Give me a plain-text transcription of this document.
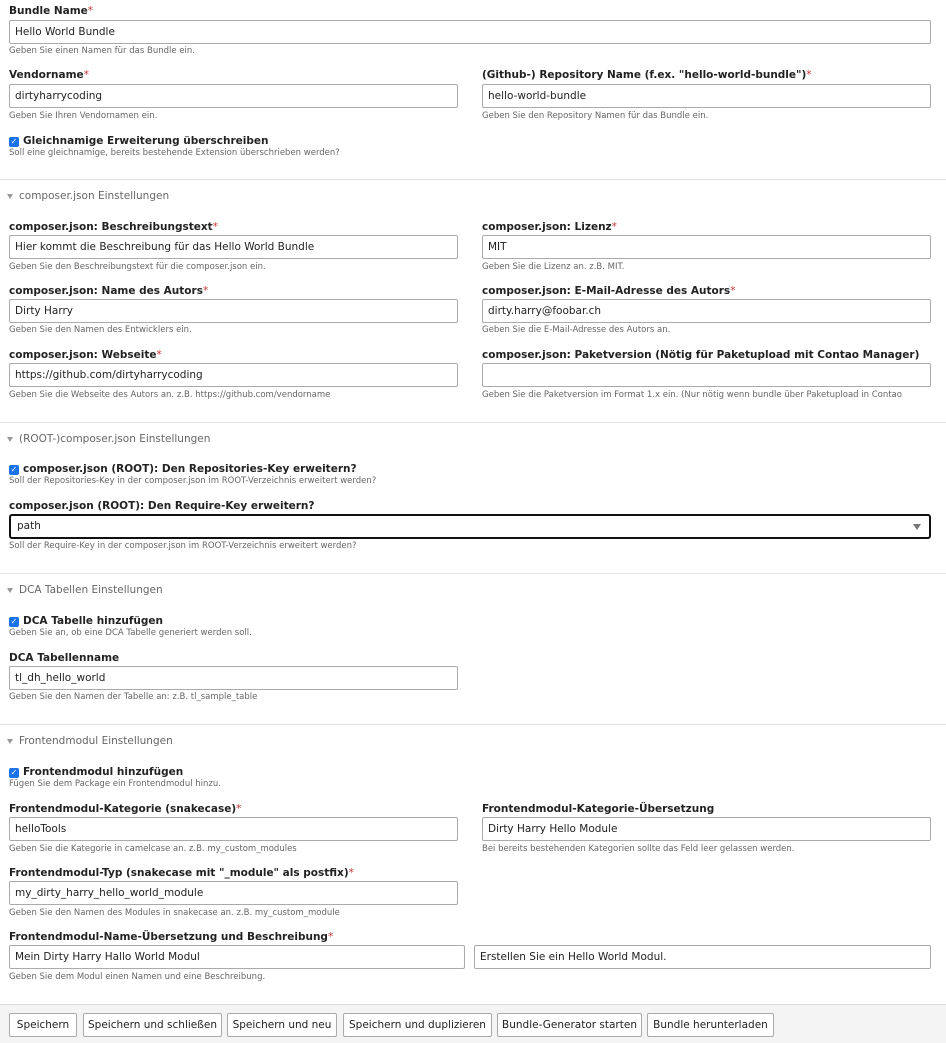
Bundle Name*
Hello World Bundle
Geben Sie einen Namen für das Bundle ein.
Vendorname*
dirtyharrycoding
Geben Sie Ihren Vendornamen ein.
(Github-) Repository Name (f.ex. "hello-world-bundle")*
hello-world-bundle
Geben Sie den Repository Namen für das Bundle ein.
✓ Gleichnamige Erweiterung überschreiben
Soll eine gleichnamige, bereits bestehende Extension überschrieben werden?
composer.json Einstellungen
composer.json: Beschreibungstext*
Hier kommt die Beschreibung für das Hello World Bundle
Geben Sie den Beschreibungstext für die composer.json ein.
composer.json: Lizenz*
MIT
Geben Sie die Lizenz an. z.B. MIT.
composer.json: Name des Autors*
Dirty Harry
Geben Sie den Namen des Entwicklers ein.
composer.json: E-Mail-Adresse des Autors*
dirty.harry@foobar.ch
Geben Sie die E-Mail-Adresse des Autors an.
composer.json: Webseite*
https://github.com/dirtyharrycoding
Geben Sie die Webseite des Autors an. z.B. https://github.com/vendorname
composer.json: Paketversion (Nötig für Paketupload mit Contao Manager)
Geben Sie die Paketversion im Format 1.x ein. (Nur nötig wenn bundle über Paketupload in Contao
(ROOT-)composer.json Einstellungen
✓ composer.json (ROOT): Den Repositories-Key erweitern?
Soll der Repositories-Key in der composer.json im ROOT-Verzeichnis erweitert werden?
composer.json (ROOT): Den Require-Key erweitern?
path
Soll der Require-Key in der composer.json im ROOT-Verzeichnis erweitert werden?
DCA Tabellen Einstellungen
✓ DCA Tabelle hinzufügen
Geben Sie an, ob eine DCA Tabelle generiert werden soll.
DCA Tabellenname
tl_dh_hello_world
Geben Sie den Namen der Tabelle an: z.B. tl_sample_table
Frontendmodul Einstellungen
✓ Frontendmodul hinzufügen
Fügen Sie dem Package ein Frontendmodul hinzu.
Frontendmodul-Kategorie (snakecase)*
helloTools
Geben Sie die Kategorie in camelcase an. z.B. my_custom_modules
Frontendmodul-Kategorie-Übersetzung
Dirty Harry Hello Module
Bei bereits bestehenden Kategorien sollte das Feld leer gelassen werden.
Frontendmodul-Typ (snakecase mit "_module" als postfix)*
my_dirty_harry_hello_world_module
Geben Sie den Namen des Modules in snakecase an. z.B. my_custom_module
Frontendmodul-Name-Übersetzung und Beschreibung*
Mein Dirty Harry Hallo World Modul	Erstellen Sie ein Hello World Modul.
Geben Sie dem Modul einen Namen und eine Beschreibung.
Speichern	Speichern und schließen	Speichern und neu	Speichern und duplizieren	Bundle-Generator starten	Bundle herunterladen
